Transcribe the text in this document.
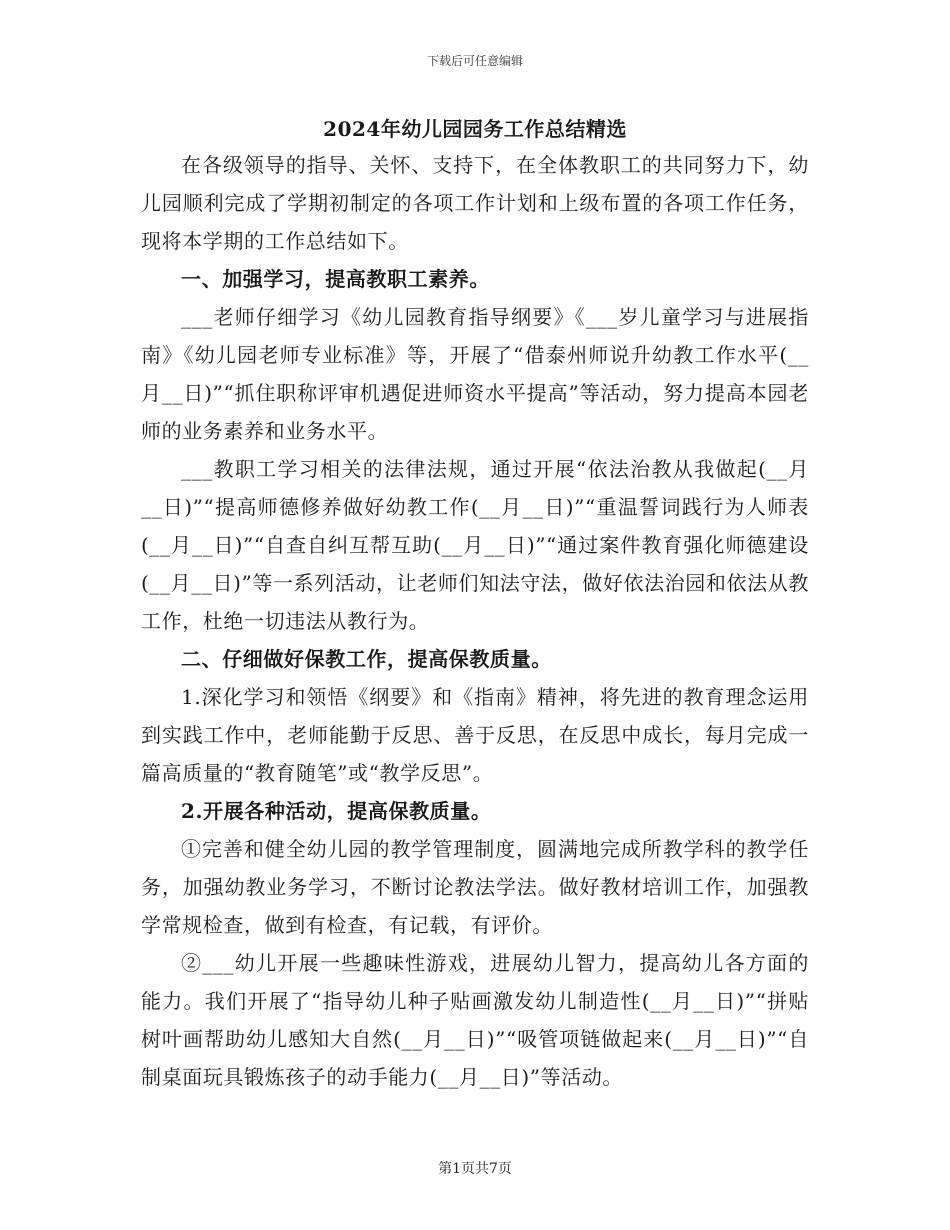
下载后可任意编辑
2024年幼儿园园务工作总结精选

在各级领导的指导、关怀、支持下，在全体教职工的共同努力下，幼儿园顺利完成了学期初制定的各项工作计划和上级布置的各项工作任务，现将本学期的工作总结如下。

一、加强学习，提高教职工素养。

___老师仔细学习《幼儿园教育指导纲要》《___岁儿童学习与进展指南》《幼儿园老师专业标准》等，开展了“借泰州师说升幼教工作水平(__月__日)”“抓住职称评审机遇促进师资水平提高”等活动，努力提高本园老师的业务素养和业务水平。

___教职工学习相关的法律法规，通过开展“依法治教从我做起(__月__日)”“提高师德修养做好幼教工作(__月__日)”“重温誓词践行为人师表(__月__日)”“自查自纠互帮互助(__月__日)”“通过案件教育强化师德建设(__月__日)”等一系列活动，让老师们知法守法，做好依法治园和依法从教工作，杜绝一切违法从教行为。

二、仔细做好保教工作，提高保教质量。

1.深化学习和领悟《纲要》和《指南》精神，将先进的教育理念运用到实践工作中，老师能勤于反思、善于反思，在反思中成长，每月完成一篇高质量的“教育随笔”或“教学反思”。

2.开展各种活动，提高保教质量。

①完善和健全幼儿园的教学管理制度，圆满地完成所教学科的教学任务，加强幼教业务学习，不断讨论教法学法。做好教材培训工作，加强教学常规检查，做到有检查，有记载，有评价。

②___幼儿开展一些趣味性游戏，进展幼儿智力，提高幼儿各方面的能力。我们开展了“指导幼儿种子贴画激发幼儿制造性(__月__日)”“拼贴树叶画帮助幼儿感知大自然(__月__日)”“吸管项链做起来(__月__日)”“自制桌面玩具锻炼孩子的动手能力(__月__日)”等活动。

第1页共7页
